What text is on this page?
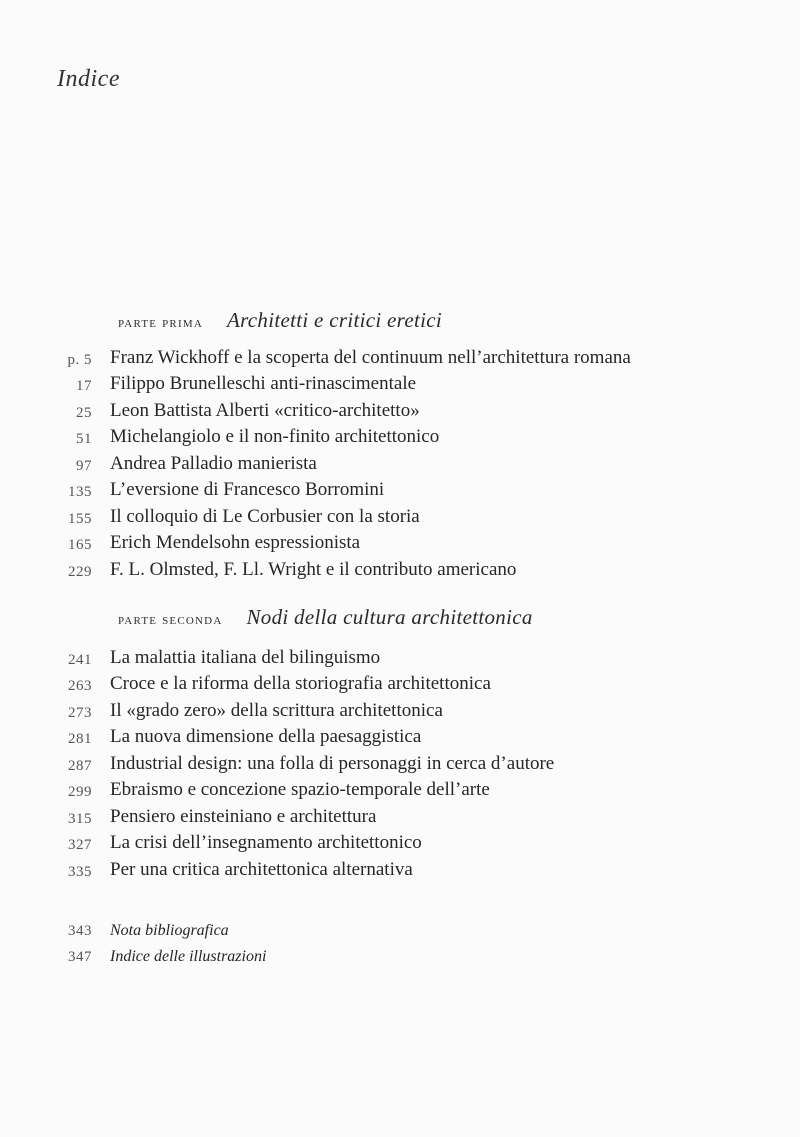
Indice
parte prima Architetti e critici eretici
p. 5 Franz Wickhoff e la scoperta del continuum nell’architettura romana
17 Filippo Brunelleschi anti-rinascimentale
25 Leon Battista Alberti «critico-architetto»
51 Michelangiolo e il non-finito architettonico
97 Andrea Palladio manierista
135 L’eversione di Francesco Borromini
155 Il colloquio di Le Corbusier con la storia
165 Erich Mendelsohn espressionista
229 F. L. Olmsted, F. Ll. Wright e il contributo americano
parte seconda Nodi della cultura architettonica
241 La malattia italiana del bilinguismo
263 Croce e la riforma della storiografia architettonica
273 Il «grado zero» della scrittura architettonica
281 La nuova dimensione della paesaggistica
287 Industrial design: una folla di personaggi in cerca d’autore
299 Ebraismo e concezione spazio-temporale dell’arte
315 Pensiero einsteiniano e architettura
327 La crisi dell’insegnamento architettonico
335 Per una critica architettonica alternativa
343 Nota bibliografica
347 Indice delle illustrazioni
